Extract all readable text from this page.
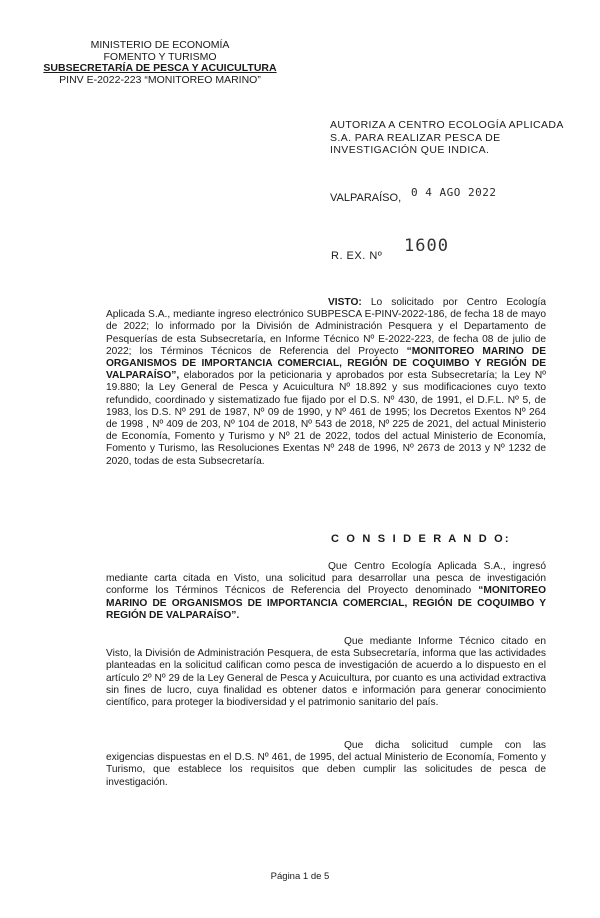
MINISTERIO DE ECONOMÍA
FOMENTO Y TURISMO
SUBSECRETARÍA DE PESCA Y ACUICULTURA
PINV E-2022-223 “MONITOREO MARINO”
AUTORIZA A CENTRO ECOLOGÍA APLICADA S.A. PARA REALIZAR PESCA DE INVESTIGACIÓN QUE INDICA.
VALPARAÍSO, 0 4 AGO 2022
R. EX. Nº 1600
VISTO: Lo solicitado por Centro Ecología Aplicada S.A., mediante ingreso electrónico SUBPESCA E-PINV-2022-186, de fecha 18 de mayo de 2022; lo informado por la División de Administración Pesquera y el Departamento de Pesquerías de esta Subsecretaría, en Informe Técnico Nº E-2022-223, de fecha 08 de julio de 2022; los Términos Técnicos de Referencia del Proyecto “MONITOREO MARINO DE ORGANISMOS DE IMPORTANCIA COMERCIAL, REGIÓN DE COQUIMBO Y REGIÓN DE VALPARAÍSO”, elaborados por la peticionaria y aprobados por esta Subsecretaría; la Ley Nº 19.880; la Ley General de Pesca y Acuicultura Nº 18.892 y sus modificaciones cuyo texto refundido, coordinado y sistematizado fue fijado por el D.S. Nº 430, de 1991, el D.F.L. Nº 5, de 1983, los D.S. Nº 291 de 1987, Nº 09 de 1990, y Nº 461 de 1995; los Decretos Exentos Nº 264 de 1998 , Nº 409 de 203, Nº 104 de 2018, Nº 543 de 2018, Nº 225 de 2021, del actual Ministerio de Economía, Fomento y Turismo y Nº 21 de 2022, todos del actual Ministerio de Economía, Fomento y Turismo, las Resoluciones Exentas Nº 248 de 1996, Nº 2673 de 2013 y Nº 1232 de 2020, todas de esta Subsecretaría.
C O N S I D E R A N D O:
Que Centro Ecología Aplicada S.A., ingresó mediante carta citada en Visto, una solicitud para desarrollar una pesca de investigación conforme los Términos Técnicos de Referencia del Proyecto denominado “MONITOREO MARINO DE ORGANISMOS DE IMPORTANCIA COMERCIAL, REGIÓN DE COQUIMBO Y REGIÓN DE VALPARAÍSO”.
Que mediante Informe Técnico citado en Visto, la División de Administración Pesquera, de esta Subsecretaría, informa que las actividades planteadas en la solicitud califican como pesca de investigación de acuerdo a lo dispuesto en el artículo 2º Nº 29 de la Ley General de Pesca y Acuicultura, por cuanto es una actividad extractiva sin fines de lucro, cuya finalidad es obtener datos e información para generar conocimiento científico, para proteger la biodiversidad y el patrimonio sanitario del país.
Que dicha solicitud cumple con las exigencias dispuestas en el D.S. Nº 461, de 1995, del actual Ministerio de Economía, Fomento y Turismo, que establece los requisitos que deben cumplir las solicitudes de pesca de investigación.
Página 1 de 5
